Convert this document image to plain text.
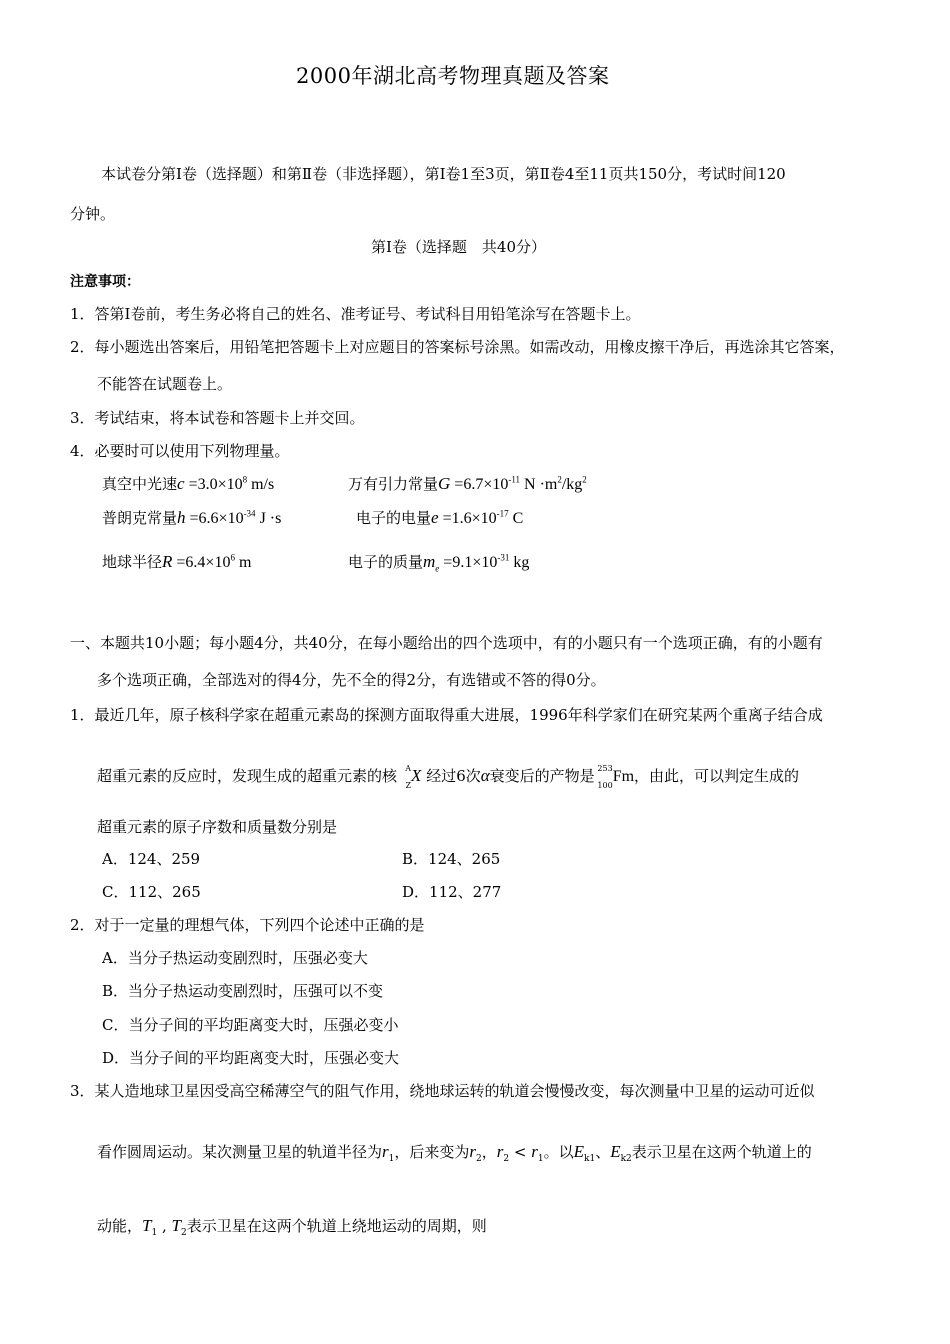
2000年湖北高考物理真题及答案
本试卷分第Ⅰ卷（选择题）和第Ⅱ卷（非选择题），第Ⅰ卷1至3页，第Ⅱ卷4至11页共150分，考试时间120
分钟。
第Ⅰ卷（选择题　共40分）
注意事项：
1．答第Ⅰ卷前，考生务必将自己的姓名、准考证号、考试科目用铅笔涂写在答题卡上。
2．每小题选出答案后，用铅笔把答题卡上对应题目的答案标号涂黑。如需改动，用橡皮擦干净后，再选涂其它答案，
不能答在试题卷上。
3．考试结束，将本试卷和答题卡上并交回。
4．必要时可以使用下列物理量。
真空中光速$c =3.0\times 10^8$ m/s	万有引力常量$G =6.7\times 10^{-11}$ $N \cdot m^2/kg^2$
普朗克常量$h =6.6\times 10^{-34}$ J ·s	电子的电量$e =1.6\times 10^{-17}$ C
地球半径$R =6.4\times 10^6$ m	电子的质量$m_e =9.1\times 10^{-31}$ kg
一、本题共10小题；每小题4分，共40分，在每小题给出的四个选项中，有的小题只有一个选项正确，有的小题有
多个选项正确，全部选对的得4分，先不全的得2分，有选错或不答的得0分。
1．最近几年，原子核科学家在超重元素岛的探测方面取得重大进展，1996年科学家们在研究某两个重离子结合成
超重元素的反应时，发现生成的超重元素的核 A
Z
X 经过6次α衰变后的产物是 253
100
Fm，由此，可以判定生成的
超重元素的原子序数和质量数分别是
A．124、259	B．124、265
C．112、265	D．112、277
2．对于一定量的理想气体，下列四个论述中正确的是
A．当分子热运动变剧烈时，压强必变大
B．当分子热运动变剧烈时，压强可以不变
C．当分子间的平均距离变大时，压强必变小
D．当分子间的平均距离变大时，压强必变大
3．某人造地球卫星因受高空稀薄空气的阻气作用，绕地球运转的轨道会慢慢改变，每次测量中卫星的运动可近似
看作圆周运动。某次测量卫星的轨道半径为$r_1$，后来变为$r_2$，$r_2 < r_1$。以$E_{k1}$、$E_{k2}$表示卫星在这两个轨道上的
动能，$T_1$ , $T_2$表示卫星在这两个轨道上绕地运动的周期，则
